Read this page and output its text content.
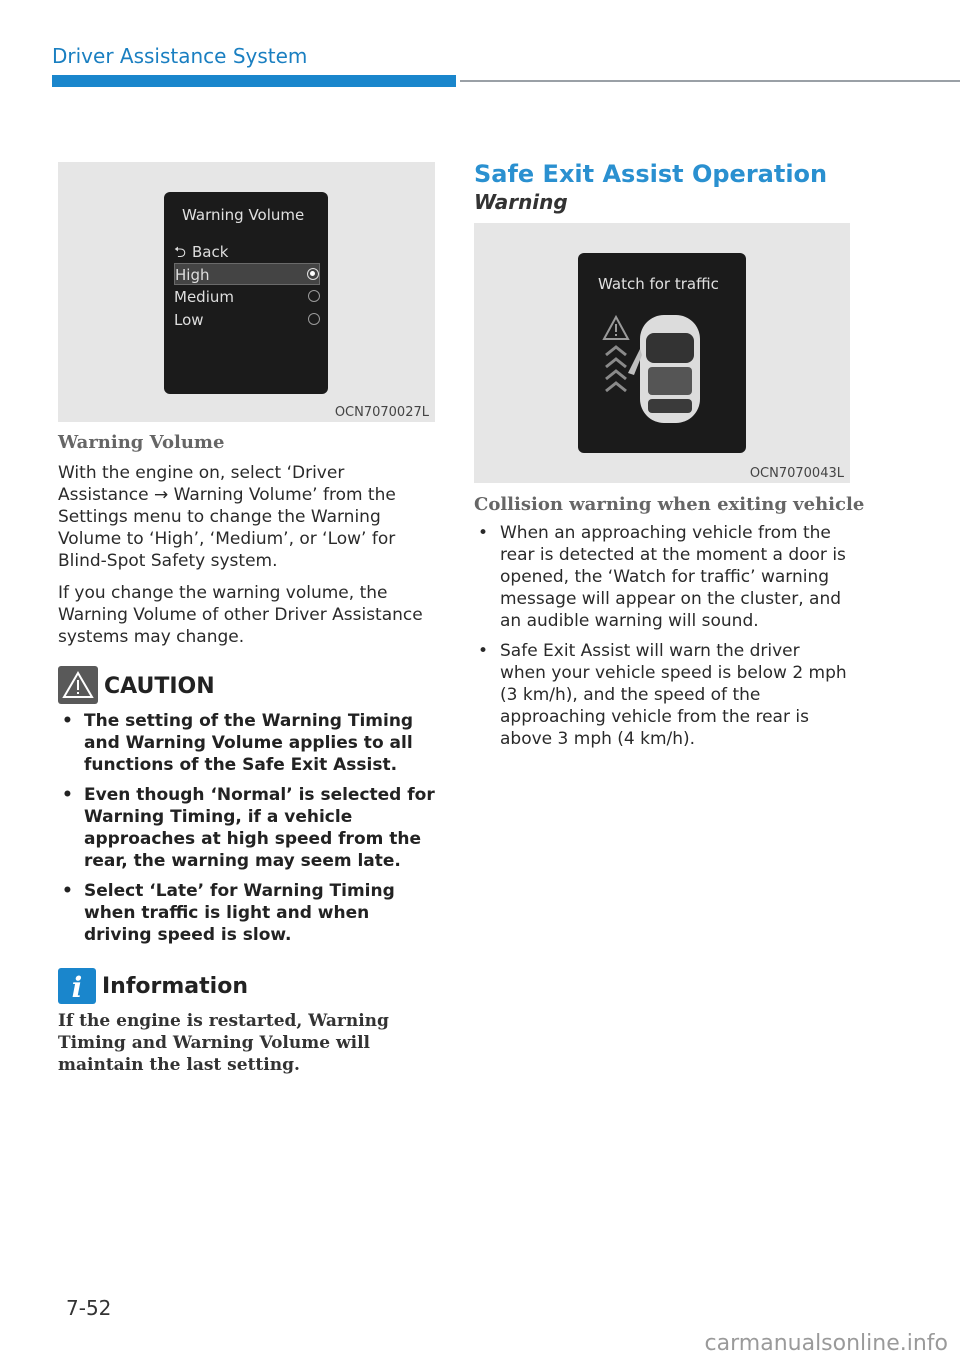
Driver Assistance System
Warning Volume
⮌ Back
High
Medium
Low
OCN7070027L
Warning Volume

With the engine on, select ‘Driver Assistance → Warning Volume’ from the Settings menu to change the Warning Volume to ‘High’, ‘Medium’, or ‘Low’ for Blind-Spot Safety system.

If you change the warning volume, the Warning Volume of other Driver Assistance systems may change.

CAUTION
• The setting of the Warning Timing and Warning Volume applies to all functions of the Safe Exit Assist.
• Even though ‘Normal’ is selected for Warning Timing, if a vehicle approaches at high speed from the rear, the warning may seem late.
• Select ‘Late’ for Warning Timing when traffic is light and when driving speed is slow.
i Information
If the engine is restarted, Warning Timing and Warning Volume will maintain the last setting.
Safe Exit Assist Operation
Warning
Watch for traffic
OCN7070043L
Collision warning when exiting vehicle
• When an approaching vehicle from the rear is detected at the moment a door is opened, the ‘Watch for traffic’ warning message will appear on the cluster, and an audible warning will sound.
• Safe Exit Assist will warn the driver when your vehicle speed is below 2 mph (3 km/h), and the speed of the approaching vehicle from the rear is above 3 mph (4 km/h).
7-52
carmanualsonline.info
